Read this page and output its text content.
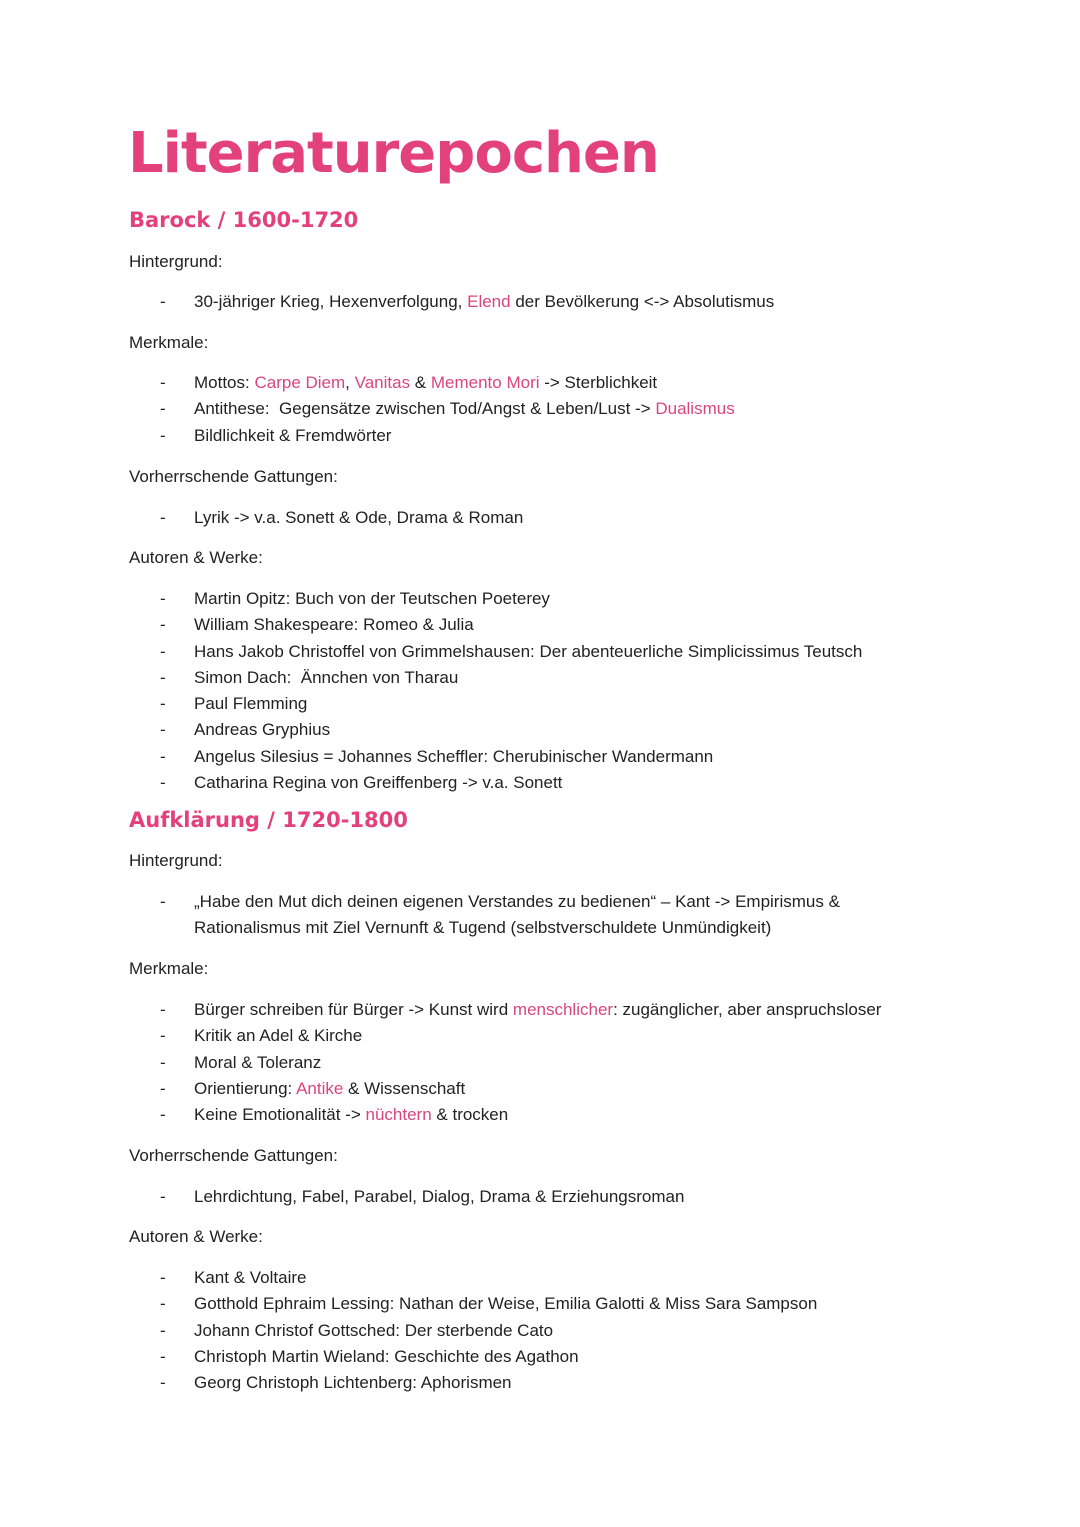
Literaturepochen
Barock / 1600-1720
Hintergrund:
- 30-jähriger Krieg, Hexenverfolgung, Elend der Bevölkerung <-> Absolutismus
Merkmale:
- Mottos: Carpe Diem, Vanitas & Memento Mori -> Sterblichkeit
- Antithese:  Gegensätze zwischen Tod/Angst & Leben/Lust -> Dualismus
- Bildlichkeit & Fremdwörter
Vorherrschende Gattungen:
- Lyrik -> v.a. Sonett & Ode, Drama & Roman
Autoren & Werke:
- Martin Opitz: Buch von der Teutschen Poeterey
- William Shakespeare: Romeo & Julia
- Hans Jakob Christoffel von Grimmelshausen: Der abenteuerliche Simplicissimus Teutsch
- Simon Dach:  Ännchen von Tharau
- Paul Flemming
- Andreas Gryphius
- Angelus Silesius = Johannes Scheffler: Cherubinischer Wandermann
- Catharina Regina von Greiffenberg -> v.a. Sonett
Aufklärung / 1720-1800
Hintergrund:
- „Habe den Mut dich deinen eigenen Verstandes zu bedienen“ – Kant -> Empirismus &
Rationalismus mit Ziel Vernunft & Tugend (selbstverschuldete Unmündigkeit)
Merkmale:
- Bürger schreiben für Bürger -> Kunst wird menschlicher: zugänglicher, aber anspruchsloser
- Kritik an Adel & Kirche
- Moral & Toleranz
- Orientierung: Antike & Wissenschaft
- Keine Emotionalität -> nüchtern & trocken
Vorherrschende Gattungen:
- Lehrdichtung, Fabel, Parabel, Dialog, Drama & Erziehungsroman
Autoren & Werke:
- Kant & Voltaire
- Gotthold Ephraim Lessing: Nathan der Weise, Emilia Galotti & Miss Sara Sampson
- Johann Christof Gottsched: Der sterbende Cato
- Christoph Martin Wieland: Geschichte des Agathon
- Georg Christoph Lichtenberg: Aphorismen
